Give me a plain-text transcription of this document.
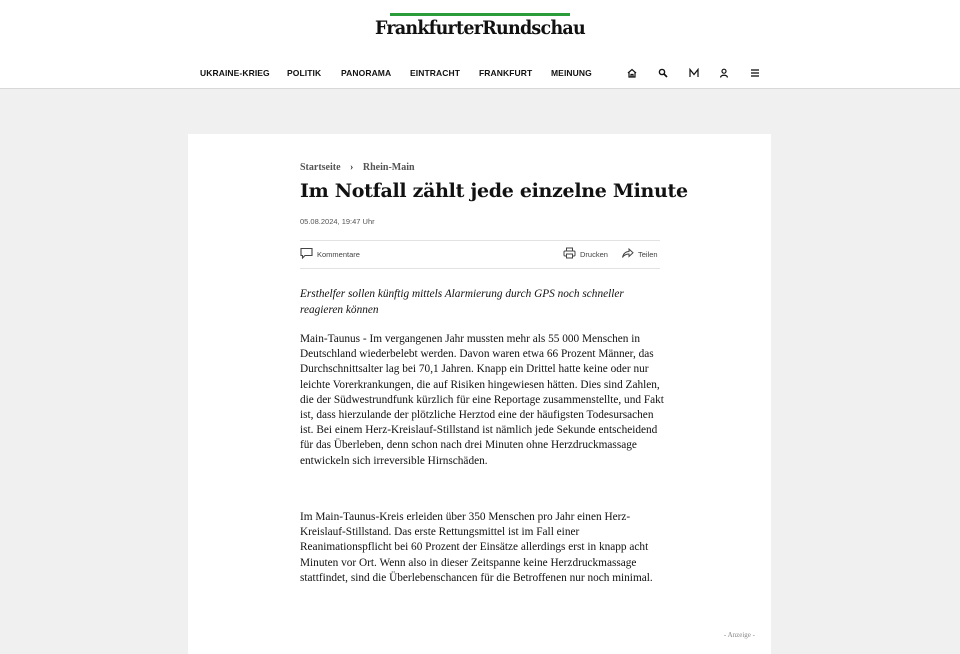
FrankfurterRundschau
UKRAINE-KRIEG POLITIK PANORAMA EINTRACHT FRANKFURT MEINUNG
Startseite › Rhein-Main
Im Notfall zählt jede einzelne Minute
05.08.2024, 19:47 Uhr
Kommentare	Drucken	Teilen

Ersthelfer sollen künftig mittels Alarmierung durch GPS noch schneller reagieren können

Main-Taunus - Im vergangenen Jahr mussten mehr als 55 000 Menschen in Deutschland wiederbelebt werden. Davon waren etwa 66 Prozent Männer, das Durchschnittsalter lag bei 70,1 Jahren. Knapp ein Drittel hatte keine oder nur leichte Vorerkrankungen, die auf Risiken hingewiesen hätten. Dies sind Zahlen, die der Südwestrundfunk kürzlich für eine Reportage zusammenstellte, und Fakt ist, dass hierzulande der plötzliche Herztod eine der häufigsten Todesursachen ist. Bei einem Herz-Kreislauf-Stillstand ist nämlich jede Sekunde entscheidend für das Überleben, denn schon nach drei Minuten ohne Herzdruckmassage entwickeln sich irreversible Hirnschäden.

Im Main-Taunus-Kreis erleiden über 350 Menschen pro Jahr einen Herz-Kreislauf-Stillstand. Das erste Rettungsmittel ist im Fall einer Reanimationspflicht bei 60 Prozent der Einsätze allerdings erst in knapp acht Minuten vor Ort. Wenn also in dieser Zeitspanne keine Herzdruckmassage stattfindet, sind die Überlebenschancen für die Betroffenen nur noch minimal.

- Anzeige -
